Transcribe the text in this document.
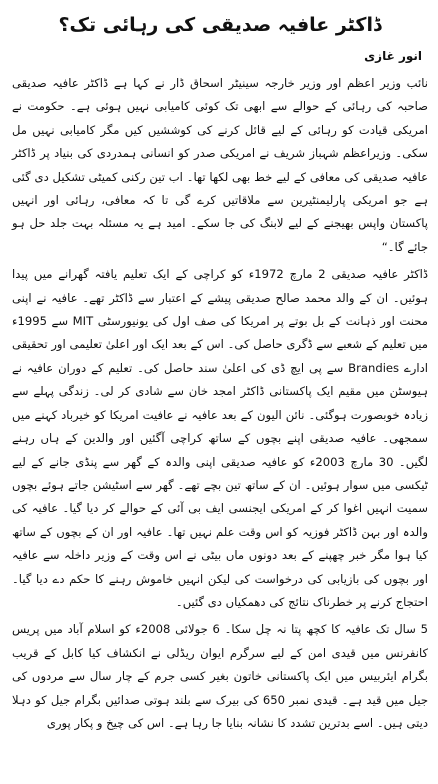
ڈاکٹر عافیہ صدیقی کی رہائی تک؟
انور غازی

نائب وزیر اعظم اور وزیر خارجہ سینیٹر اسحاق ڈار نے کہا ہے ڈاکٹر عافیہ صدیقی صاحبہ کی رہائی کے حوالے سے ابھی تک کوئی کامیابی نہیں ہوئی ہے۔ حکومت نے امریکی قیادت کو رہائی کے لیے قائل کرنے کی کوششیں کیں مگر کامیابی نہیں مل سکی۔ وزیراعظم شہباز شریف نے امریکی صدر کو انسانی ہمدردی کی بنیاد پر ڈاکٹر عافیہ صدیقی کی معافی کے لیے خط بھی لکھا تھا۔ اب تین رکنی کمیٹی تشکیل دی گئی ہے جو امریکی پارلیمنٹیرین سے ملاقاتیں کرے گی تا کہ معافی، رہائی اور انہیں پاکستان واپس بھیجنے کے لیے لابنگ کی جا سکے۔ امید ہے یہ مسئلہ بہت جلد حل ہو جائے گا۔“

ڈاکٹر عافیہ صدیقی 2 مارچ 1972ء کو کراچی کے ایک تعلیم یافتہ گھرانے میں پیدا ہوئیں۔ ان کے والد محمد صالح صدیقی پیشے کے اعتبار سے ڈاکٹر تھے۔ عافیہ نے اپنی محنت اور ذہانت کے بل بوتے پر امریکا کی صف اول کی یونیورسٹی MIT سے 1995ء میں تعلیم کے شعبے سے ڈگری حاصل کی۔ اس کے بعد ایک اور اعلیٰ تعلیمی اور تحقیقی ادارے Brandies سے پی ایچ ڈی کی اعلیٰ سند حاصل کی۔ تعلیم کے دوران عافیہ نے ہیوسٹن میں مقیم ایک پاکستانی ڈاکٹر امجد خان سے شادی کر لی۔ زندگی پہلے سے زیادہ خوبصورت ہوگئی۔ نائن الیون کے بعد عافیہ نے عافیت امریکا کو خیرباد کہنے میں سمجھی۔ عافیہ صدیقی اپنے بچوں کے ساتھ کراچی آگئیں اور والدین کے ہاں رہنے لگیں۔ 30 مارچ 2003ء کو عافیہ صدیقی اپنی والدہ کے گھر سے پنڈی جانے کے لیے ٹیکسی میں سوار ہوئیں۔ ان کے ساتھ تین بچے تھے۔ گھر سے اسٹیشن جاتے ہوئے بچوں سمیت انہیں اغوا کر کے امریکی ایجنسی ایف بی آئی کے حوالے کر دیا گیا۔ عافیہ کی والدہ اور بہن ڈاکٹر فوزیہ کو اس وقت علم نہیں تھا۔ عافیہ اور ان کے بچوں کے ساتھ کیا ہوا مگر خبر چھپنے کے بعد دونوں ماں بیٹی نے اس وقت کے وزیر داخلہ سے عافیہ اور بچوں کی بازیابی کی درخواست کی لیکن انہیں خاموش رہنے کا حکم دے دیا گیا۔ احتجاج کرنے پر خطرناک نتائج کی دھمکیاں دی گئیں۔

5 سال تک عافیہ کا کچھ پتا نہ چل سکا۔ 6 جولائی 2008ء کو اسلام آباد میں پریس کانفرنس میں قیدی امن کے لیے سرگرم ایوان ریڈلی نے انکشاف کیا کابل کے قریب بگرام ایئربیس میں ایک پاکستانی خاتون بغیر کسی جرم کے چار سال سے مردوں کی جیل میں قید ہے۔ قیدی نمبر 650 کی بیرک سے بلند ہوتی صدائیں بگرام جیل کو دہلا دیتی ہیں۔ اسے بدترین تشدد کا نشانہ بنایا جا رہا ہے۔ اس کی چیخ و پکار پوری
